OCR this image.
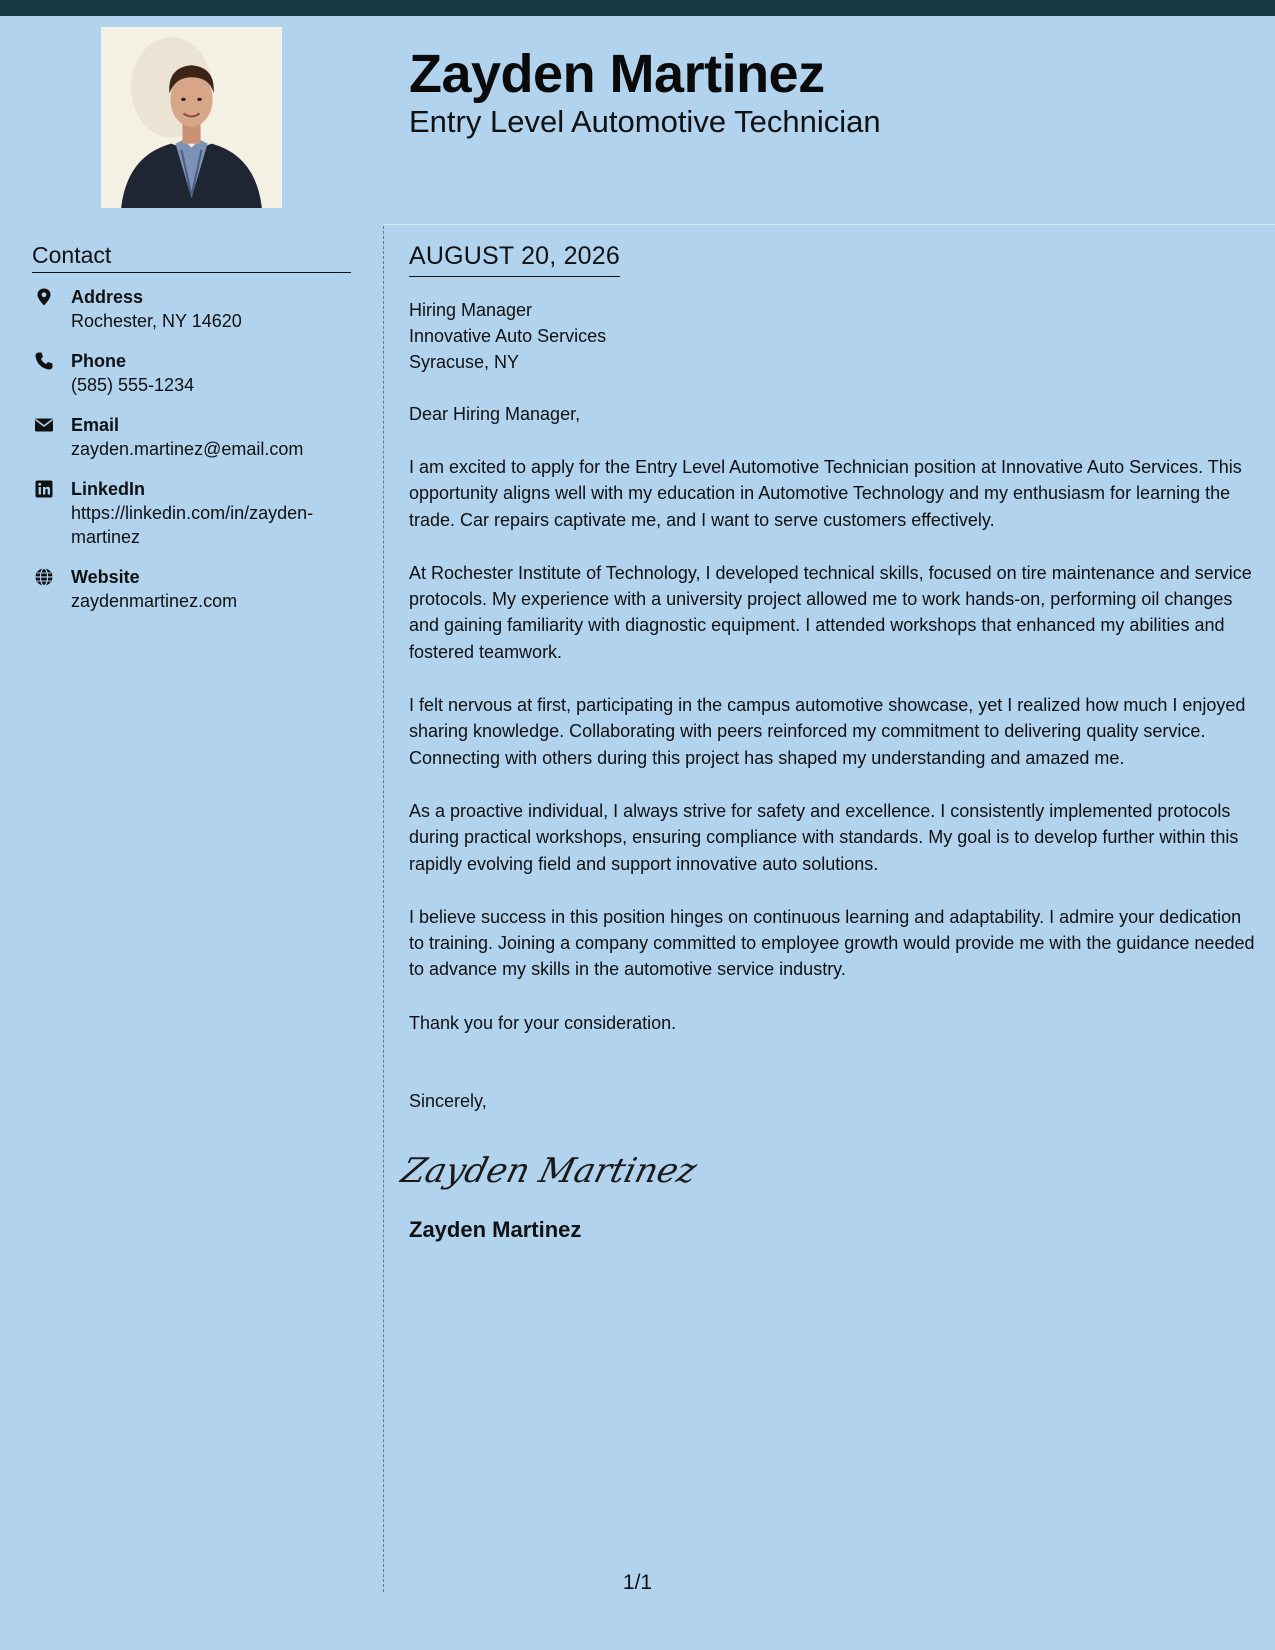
Zayden Martinez
Entry Level Automotive Technician
Contact
Address
Rochester, NY 14620
Phone
(585) 555-1234
Email
zayden.martinez@email.com
LinkedIn
https://linkedin.com/in/zayden-martinez
Website
zaydenmartinez.com
AUGUST 20, 2026
Hiring Manager
Innovative Auto Services
Syracuse, NY
Dear Hiring Manager,
I am excited to apply for the Entry Level Automotive Technician position at Innovative Auto Services. This opportunity aligns well with my education in Automotive Technology and my enthusiasm for learning the trade. Car repairs captivate me, and I want to serve customers effectively.
At Rochester Institute of Technology, I developed technical skills, focused on tire maintenance and service protocols. My experience with a university project allowed me to work hands-on, performing oil changes and gaining familiarity with diagnostic equipment. I attended workshops that enhanced my abilities and fostered teamwork.
I felt nervous at first, participating in the campus automotive showcase, yet I realized how much I enjoyed sharing knowledge. Collaborating with peers reinforced my commitment to delivering quality service. Connecting with others during this project has shaped my understanding and amazed me.
As a proactive individual, I always strive for safety and excellence. I consistently implemented protocols during practical workshops, ensuring compliance with standards. My goal is to develop further within this rapidly evolving field and support innovative auto solutions.
I believe success in this position hinges on continuous learning and adaptability. I admire your dedication to training. Joining a company committed to employee growth would provide me with the guidance needed to advance my skills in the automotive service industry.
Thank you for your consideration.
Sincerely,
Zayden Martinez
Zayden Martinez
1/1
